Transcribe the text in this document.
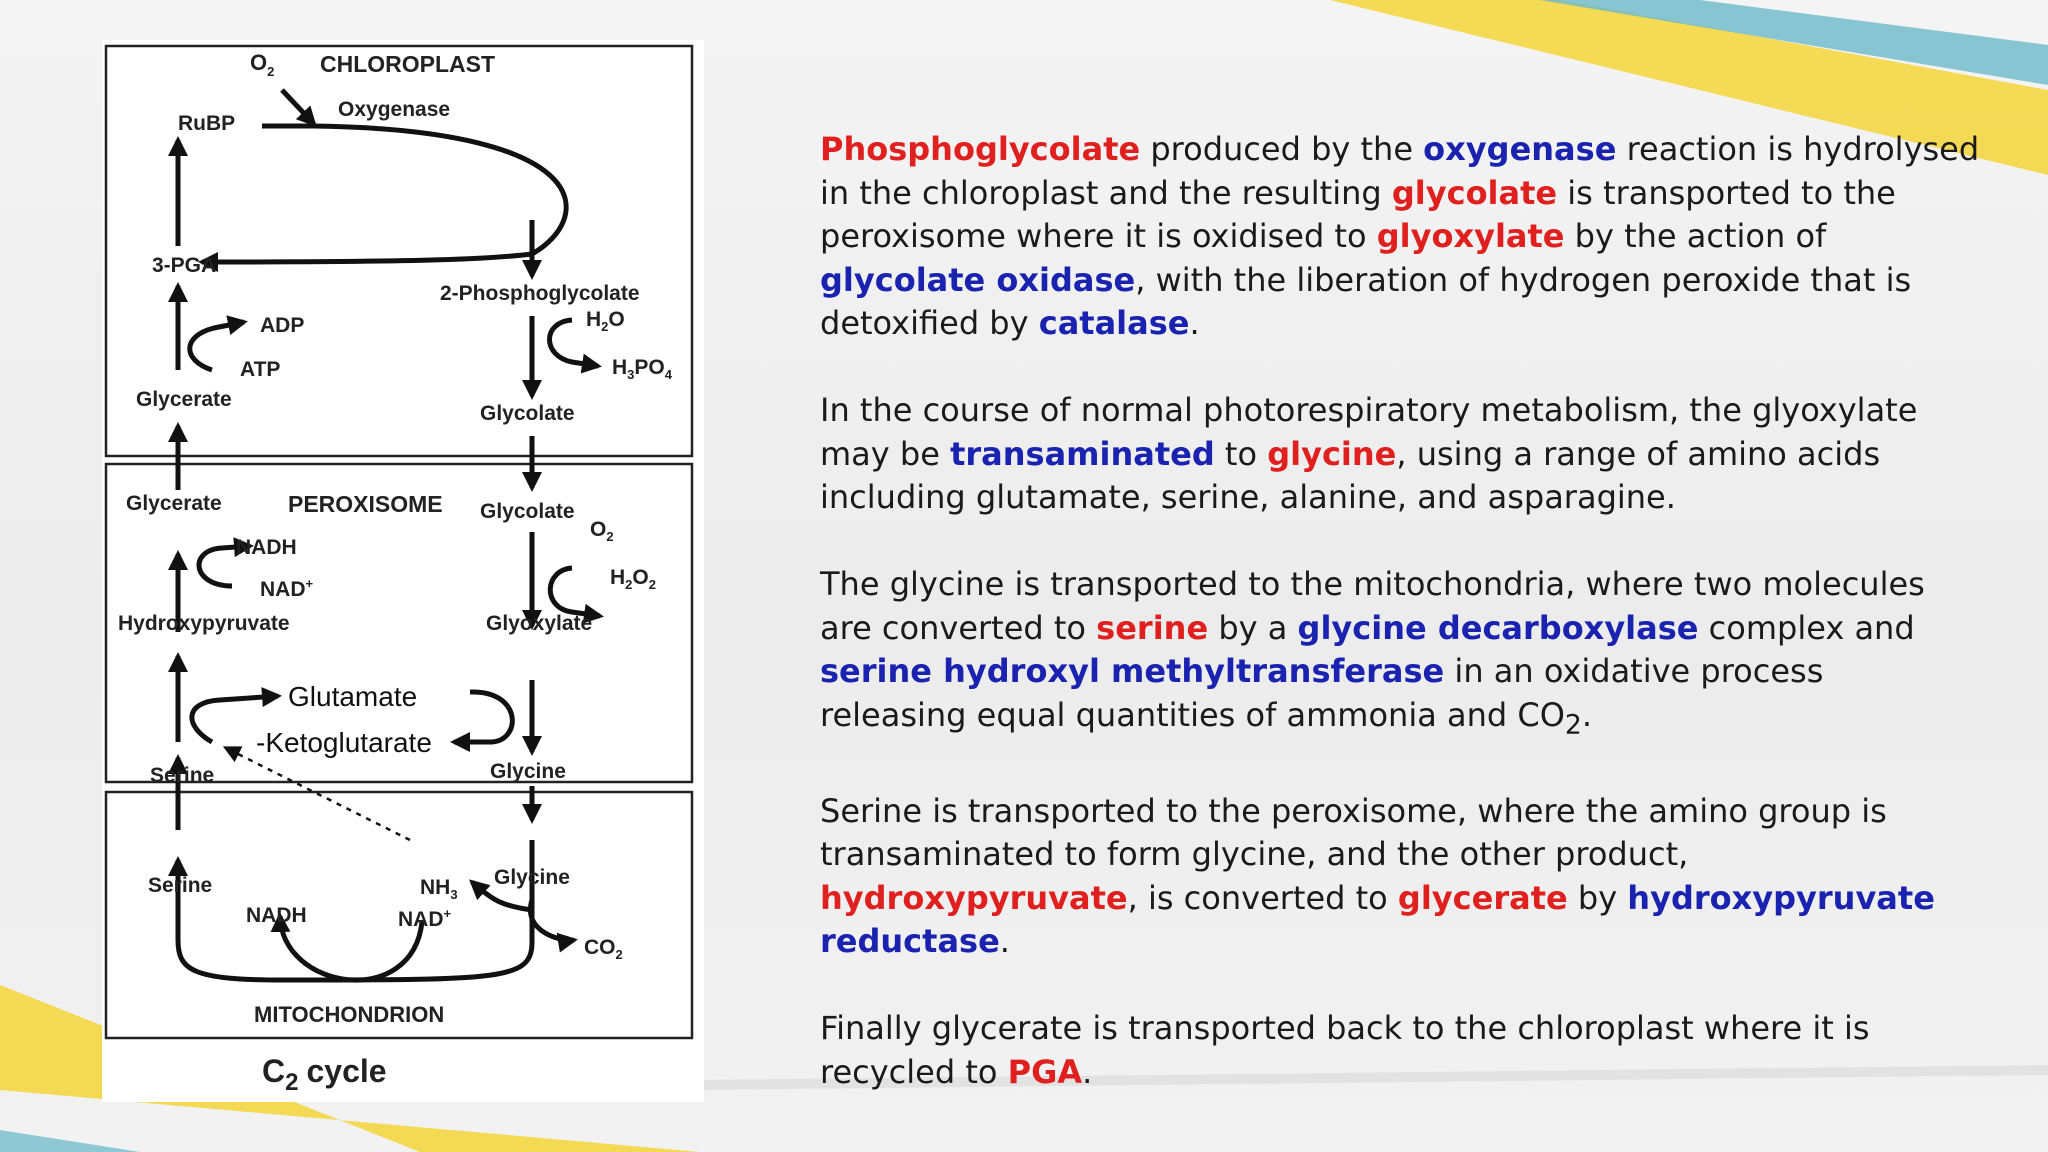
$O_2$ CHLOROPLAST
Oxygenase
RuBP
3-PGA
2-Phosphoglycolate
$H_2O$
$H_3PO_4$
ADP
ATP
Glycerate
Glycolate
Glycerate	PEROXISOME Glycolate
$O_2$
NADH
$H_2O_2$
NAD+
Hydroxypyruvate	Glyoxylate
Glutamate
-Ketoglutarate
Serine	Glycine
Serine	$NH_3$
Glycine
NADH	NAD+
$CO_2$
MITOCHONDRION
$C_2$ cycle

Phosphoglycolate produced by the oxygenase reaction is hydrolysed in the chloroplast and the resulting glycolate is transported to the peroxisome where it is oxidised to glyoxylate by the action of glycolate oxidase, with the liberation of hydrogen peroxide that is detoxified by catalase.

In the course of normal photorespiratory metabolism, the glyoxylate may be transaminated to glycine, using a range of amino acids including glutamate, serine, alanine, and asparagine.

The glycine is transported to the mitochondria, where two molecules are converted to serine by a glycine decarboxylase complex and serine hydroxyl methyltransferase in an oxidative process releasing equal quantities of ammonia and $CO_2$.

Serine is transported to the peroxisome, where the amino group is transaminated to form glycine, and the other product, hydroxypyruvate, is converted to glycerate by hydroxypyruvate reductase.

Finally glycerate is transported back to the chloroplast where it is recycled to PGA.
